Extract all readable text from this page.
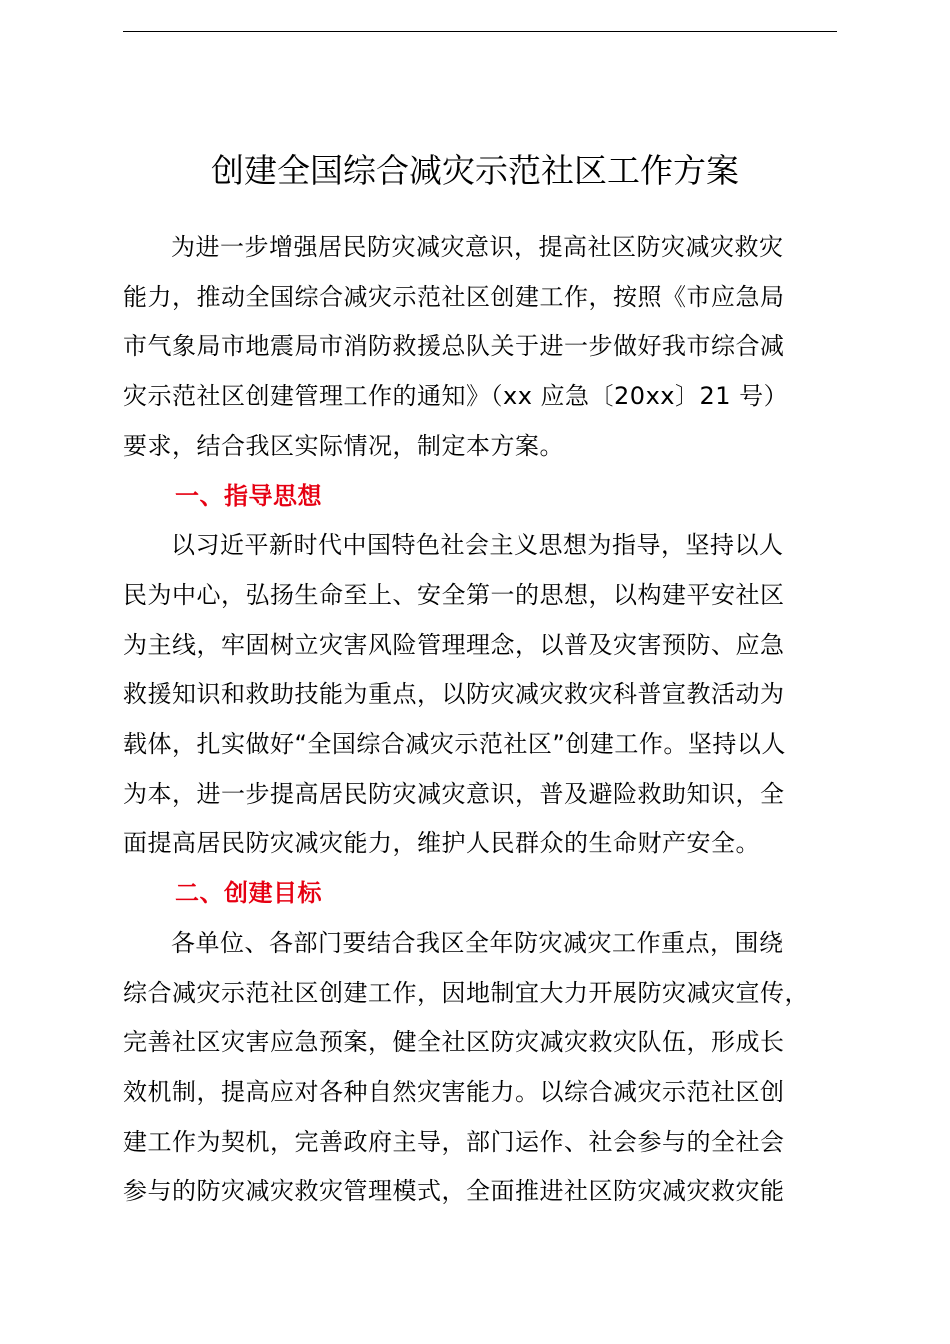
创建全国综合减灾示范社区工作方案

为进一步增强居民防灾减灾意识，提高社区防灾减灾救灾
能力，推动全国综合减灾示范社区创建工作，按照《市应急局
市气象局市地震局市消防救援总队关于进一步做好我市综合减
灾示范社区创建管理工作的通知》（xx 应急〔20xx〕21 号）
要求，结合我区实际情况，制定本方案。

一、指导思想

以习近平新时代中国特色社会主义思想为指导，坚持以人
民为中心，弘扬生命至上、安全第一的思想，以构建平安社区
为主线，牢固树立灾害风险管理理念，以普及灾害预防、应急
救援知识和救助技能为重点，以防灾减灾救灾科普宣教活动为
载体，扎实做好“全国综合减灾示范社区”创建工作。坚持以人
为本，进一步提高居民防灾减灾意识，普及避险救助知识，全
面提高居民防灾减灾能力，维护人民群众的生命财产安全。

二、创建目标

各单位、各部门要结合我区全年防灾减灾工作重点，围绕
综合减灾示范社区创建工作，因地制宜大力开展防灾减灾宣传，
完善社区灾害应急预案，健全社区防灾减灾救灾队伍，形成长
效机制，提高应对各种自然灾害能力。以综合减灾示范社区创
建工作为契机，完善政府主导，部门运作、社会参与的全社会
参与的防灾减灾救灾管理模式，全面推进社区防灾减灾救灾能
